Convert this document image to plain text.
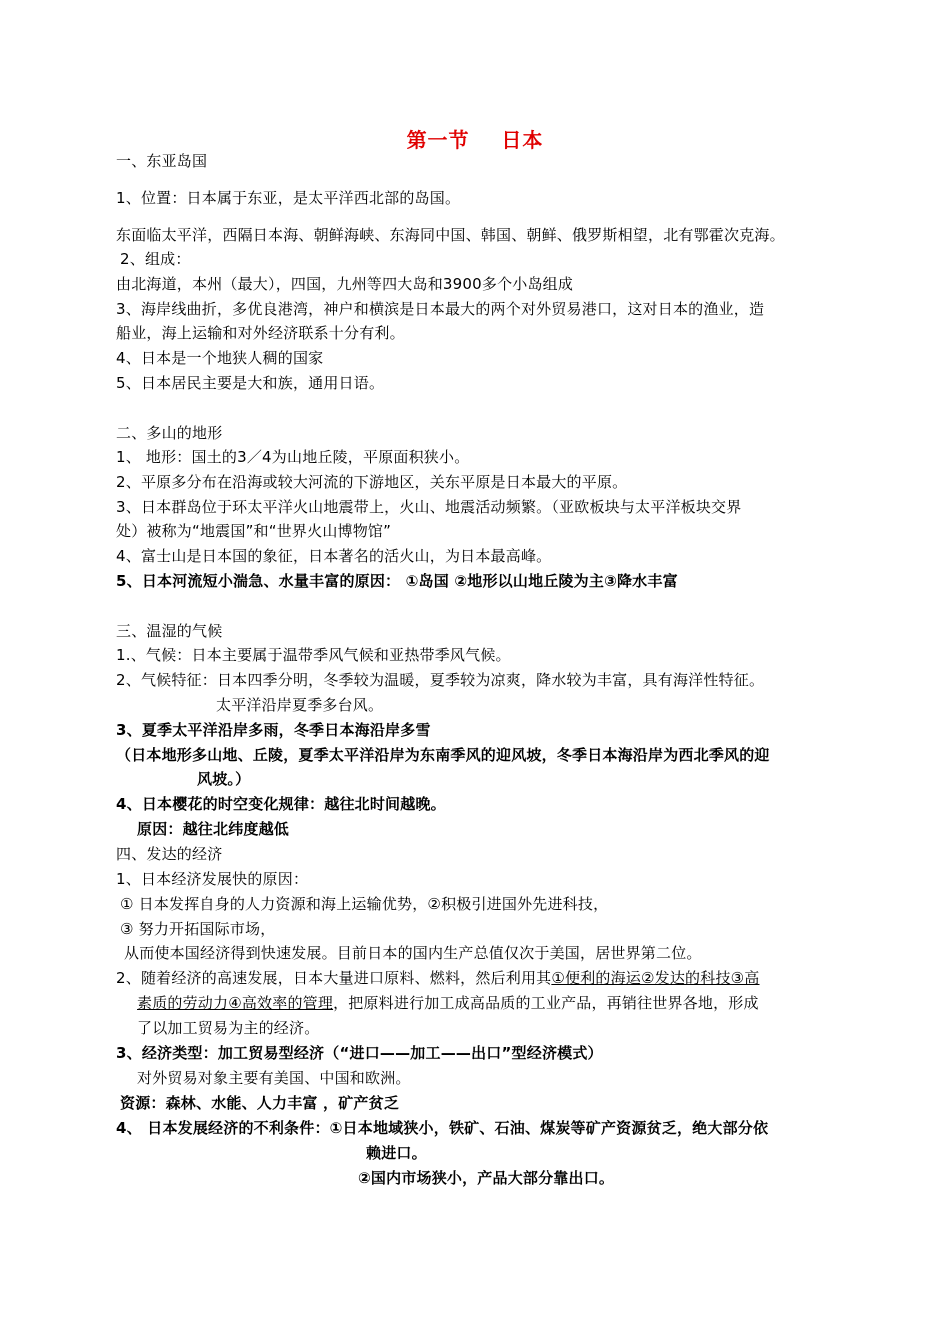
第一节 日本
一、东亚岛国
1、位置：日本属于东亚，是太平洋西北部的岛国。
东面临太平洋，西隔日本海、朝鲜海峡、东海同中国、韩国、朝鲜、俄罗斯相望，北有鄂霍次克海。
2、组成：
由北海道，本州（最大），四国，九州等四大岛和3900多个小岛组成
3、海岸线曲折，多优良港湾，神户和横滨是日本最大的两个对外贸易港口，这对日本的渔业，造
船业，海上运输和对外经济联系十分有利。
4、日本是一个地狭人稠的国家
5、日本居民主要是大和族，通用日语。
二、多山的地形
1、 地形：国土的3／4为山地丘陵，平原面积狭小。
2、平原多分布在沿海或较大河流的下游地区，关东平原是日本最大的平原。
3、日本群岛位于环太平洋火山地震带上，火山、地震活动频繁。（亚欧板块与太平洋板块交界
处）被称为“地震国”和“世界火山博物馆”
4、富士山是日本国的象征，日本著名的活火山，为日本最高峰。
5、日本河流短小湍急、水量丰富的原因： ①岛国 ②地形以山地丘陵为主③降水丰富
三、温湿的气候
1.、气候：日本主要属于温带季风气候和亚热带季风气候。
2、气候特征：日本四季分明，冬季较为温暖，夏季较为凉爽，降水较为丰富，具有海洋性特征。
太平洋沿岸夏季多台风。
3、夏季太平洋沿岸多雨，冬季日本海沿岸多雪
（日本地形多山地、丘陵，夏季太平洋沿岸为东南季风的迎风坡，冬季日本海沿岸为西北季风的迎
风坡。）
4、日本樱花的时空变化规律：越往北时间越晚。
原因：越往北纬度越低
四、发达的经济
1、日本经济发展快的原因：
① 日本发挥自身的人力资源和海上运输优势，②积极引进国外先进科技，
③ 努力开拓国际市场，
从而使本国经济得到快速发展。目前日本的国内生产总值仅次于美国，居世界第二位。
2、随着经济的高速发展，日本大量进口原料、燃料，然后利用其①便利的海运②发达的科技③高
素质的劳动力④高效率的管理，把原料进行加工成高品质的工业产品，再销往世界各地，形成
了以加工贸易为主的经济。
3、经济类型：加工贸易型经济（“进口——加工——出口”型经济模式）
对外贸易对象主要有美国、中国和欧洲。
资源：森林、水能、人力丰富 ，矿产贫乏
4、 日本发展经济的不利条件：①日本地域狭小，铁矿、石油、煤炭等矿产资源贫乏，绝大部分依
赖进口。
②国内市场狭小，产品大部分靠出口。
